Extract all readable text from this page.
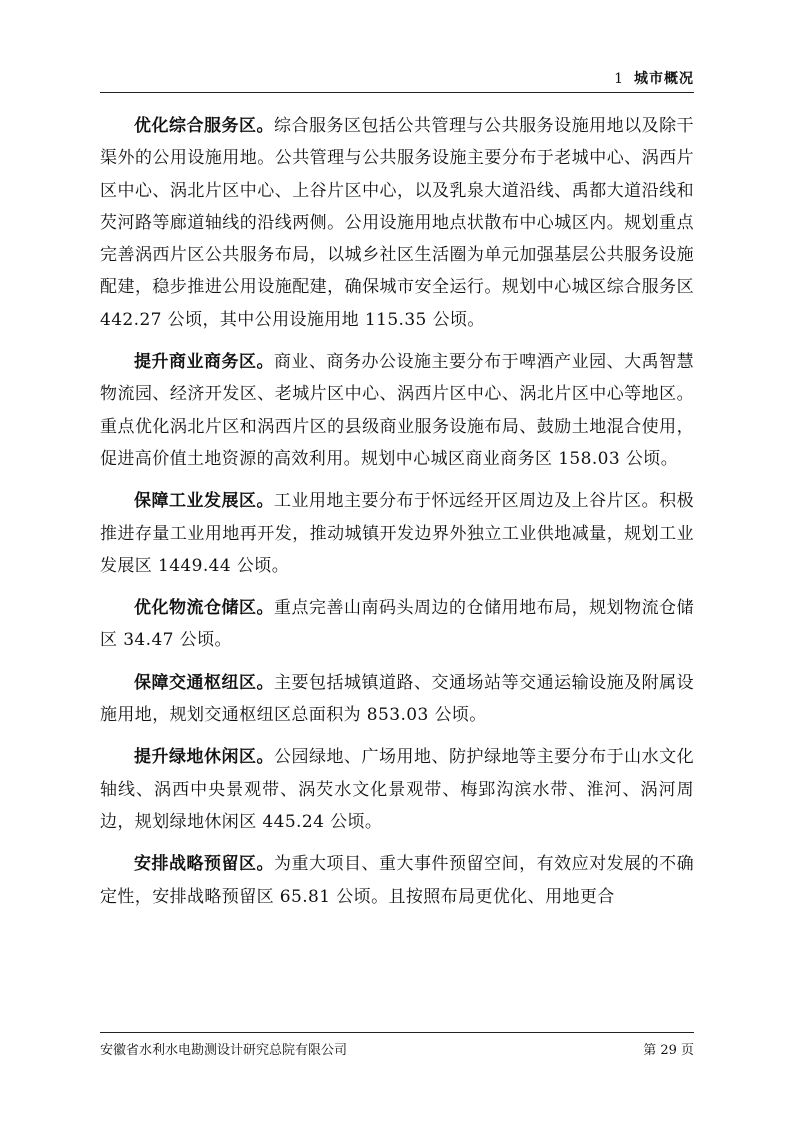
1 城市概况

优化综合服务区。综合服务区包括公共管理与公共服务设施用地以及除干渠外的公用设施用地。公共管理与公共服务设施主要分布于老城中心、涡西片区中心、涡北片区中心、上谷片区中心，以及乳泉大道沿线、禹都大道沿线和芡河路等廊道轴线的沿线两侧。公用设施用地点状散布中心城区内。规划重点完善涡西片区公共服务布局，以城乡社区生活圈为单元加强基层公共服务设施配建，稳步推进公用设施配建，确保城市安全运行。规划中心城区综合服务区 442.27 公顷，其中公用设施用地 115.35 公顷。

提升商业商务区。商业、商务办公设施主要分布于啤酒产业园、大禹智慧物流园、经济开发区、老城片区中心、涡西片区中心、涡北片区中心等地区。重点优化涡北片区和涡西片区的县级商业服务设施布局、鼓励土地混合使用，促进高价值土地资源的高效利用。规划中心城区商业商务区 158.03 公顷。

保障工业发展区。工业用地主要分布于怀远经开区周边及上谷片区。积极推进存量工业用地再开发，推动城镇开发边界外独立工业供地减量，规划工业发展区 1449.44 公顷。

优化物流仓储区。重点完善山南码头周边的仓储用地布局，规划物流仓储区 34.47 公顷。

保障交通枢纽区。主要包括城镇道路、交通场站等交通运输设施及附属设施用地，规划交通枢纽区总面积为 853.03 公顷。

提升绿地休闲区。公园绿地、广场用地、防护绿地等主要分布于山水文化轴线、涡西中央景观带、涡芡水文化景观带、梅郢沟滨水带、淮河、涡河周边，规划绿地休闲区 445.24 公顷。

安排战略预留区。为重大项目、重大事件预留空间，有效应对发展的不确定性，安排战略预留区 65.81 公顷。且按照布局更优化、用地更合

安徽省水利水电勘测设计研究总院有限公司	第 29 页
